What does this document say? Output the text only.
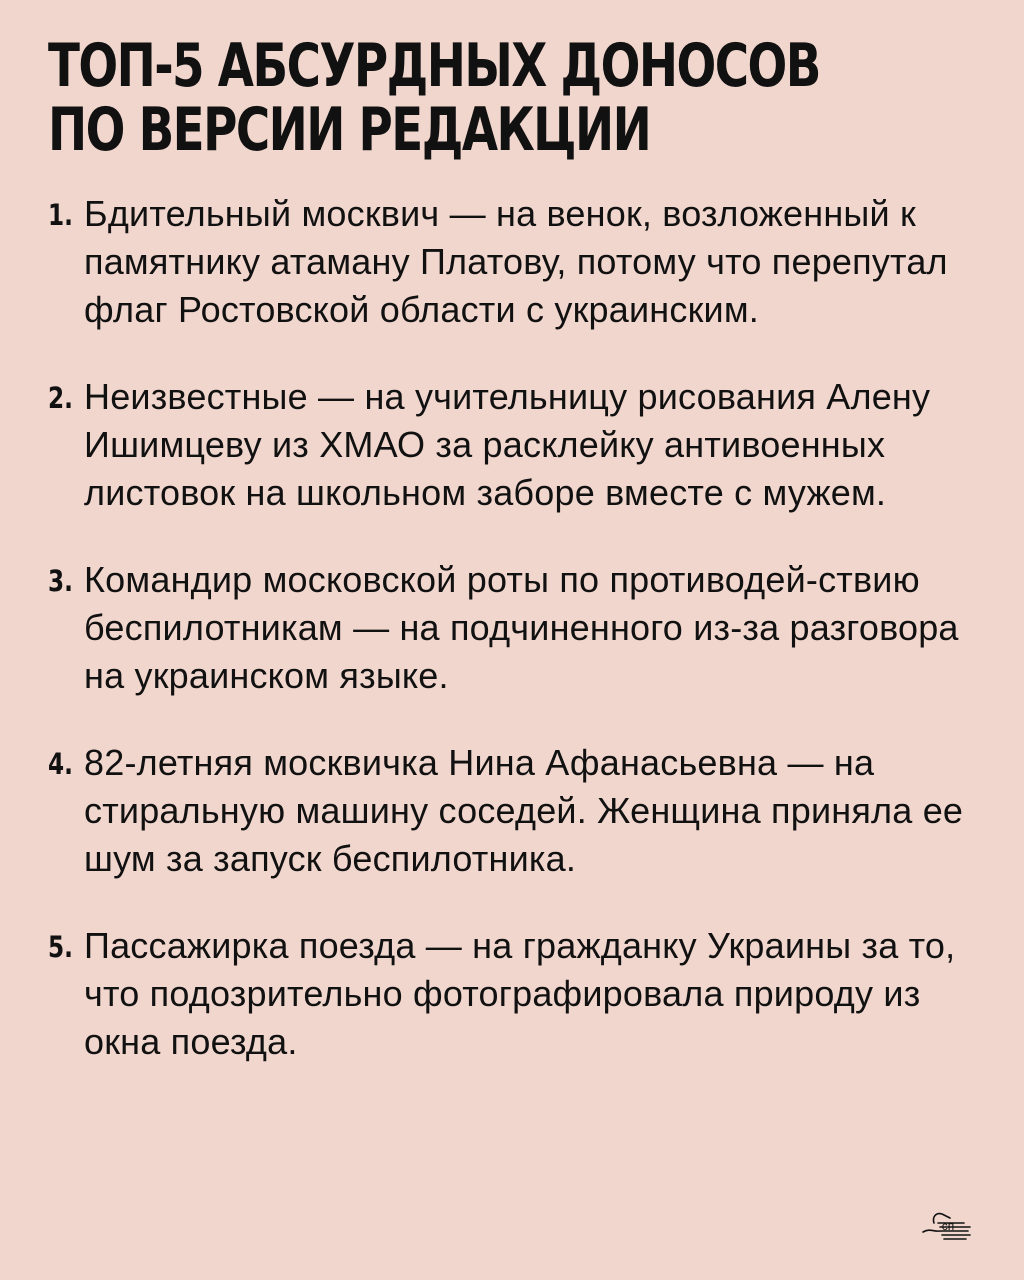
ТОП-5 АБСУРДНЫХ ДОНОСОВ
ПО ВЕРСИИ РЕДАКЦИИ
1. Бдительный москвич — на венок, возложенный к памятнику атаману Платову, потому что перепутал флаг Ростовской области с украинским.

2. Неизвестные — на учительницу рисования Алену Ишимцеву из ХМАО за расклейку антивоенных листовок на школьном заборе вместе с мужем.

3. Командир московской роты по противодей-ствию беспилотникам — на подчиненного из-за разговора на украинском языке.

4. 82-летняя москвичка Нина Афанасьевна — на стиральную машину соседей. Женщина приняла ее шум за запуск беспилотника.

5. Пассажирка поезда — на гражданку Украины за то, что подозрительно фотографировала природу из окна поезда.

сп
